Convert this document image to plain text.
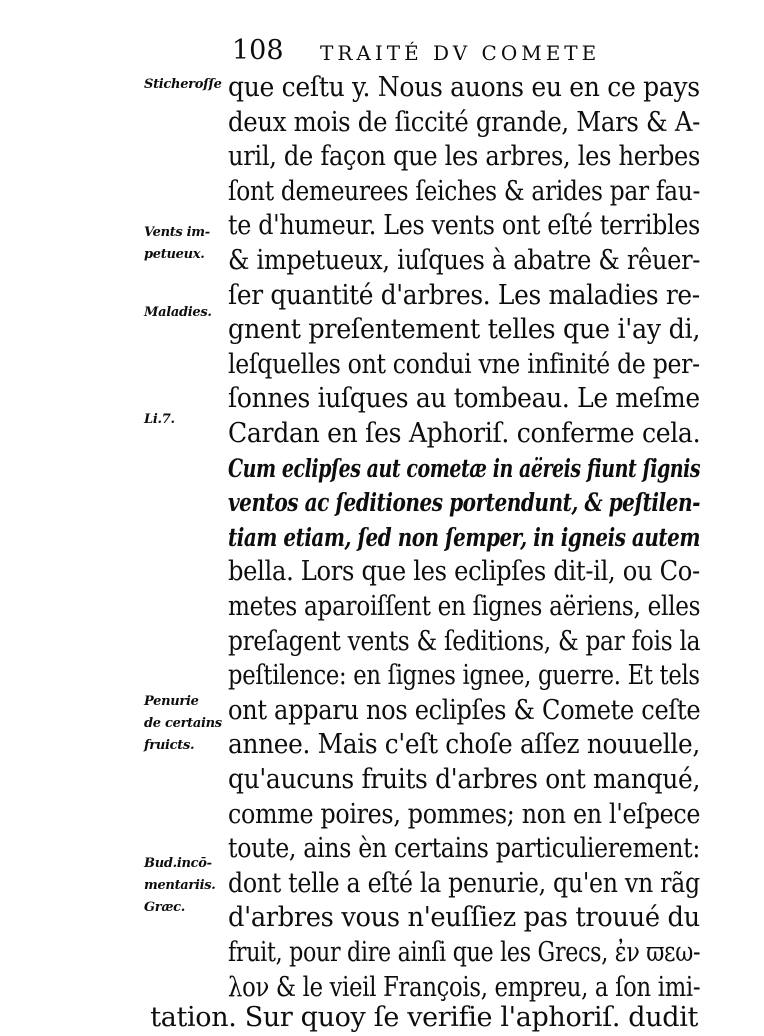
108 TRAITÉ DV COMETE
que ceſtu y. Nous auons eu en ce pays
deux mois de ſiccité grande, Mars & A-
uril, de façon que les arbres, les herbes
ſont demeurees ſeiches & arides par fau-
te d'humeur. Les vents ont eſté terribles
& impetueux, iuſques à abatre & rêuer-
ſer quantité d'arbres. Les maladies re-
gnent preſentement telles que i'ay di,
leſquelles ont condui vne infinité de per-
ſonnes iuſques au tombeau. Le meſme
Cardan en ſes Aphoriſ. conferme cela.
Cum eclipſes aut cometæ in aëreis fiunt ſignis
ventos ac ſeditiones portendunt, & peſtilen-
tiam etiam, ſed non ſemper, in igneis autem
bella. Lors que les eclipſes dit-il, ou Co-
metes aparoiſſent en ſignes aëriens, elles
preſagent vents & ſeditions, & par fois la
peſtilence: en ſignes ignee, guerre. Et tels
ont apparu nos eclipſes & Comete ceſte
annee. Mais c'eſt choſe aſſez nouuelle,
qu'aucuns fruits d'arbres ont manqué,
comme poires, pommes; non en l'eſpece
toute, ains èn certains particulierement:
dont telle a eſté la penurie, qu'en vn rãg
d'arbres vous n'euſſiez pas trouué du
fruit, pour dire ainſi que les Grecs, ἐν ϖεω-
λον & le vieil François, empreu, a ſon imi-
tation. Sur quoy ſe verifie l'aphoriſ. dudit
Sticheroſſe
Vents im-
petueux.
Maladies.
Li.7.
Penurie
de certains
fruicts.
Bud.incō-
mentariis.
Græc.
